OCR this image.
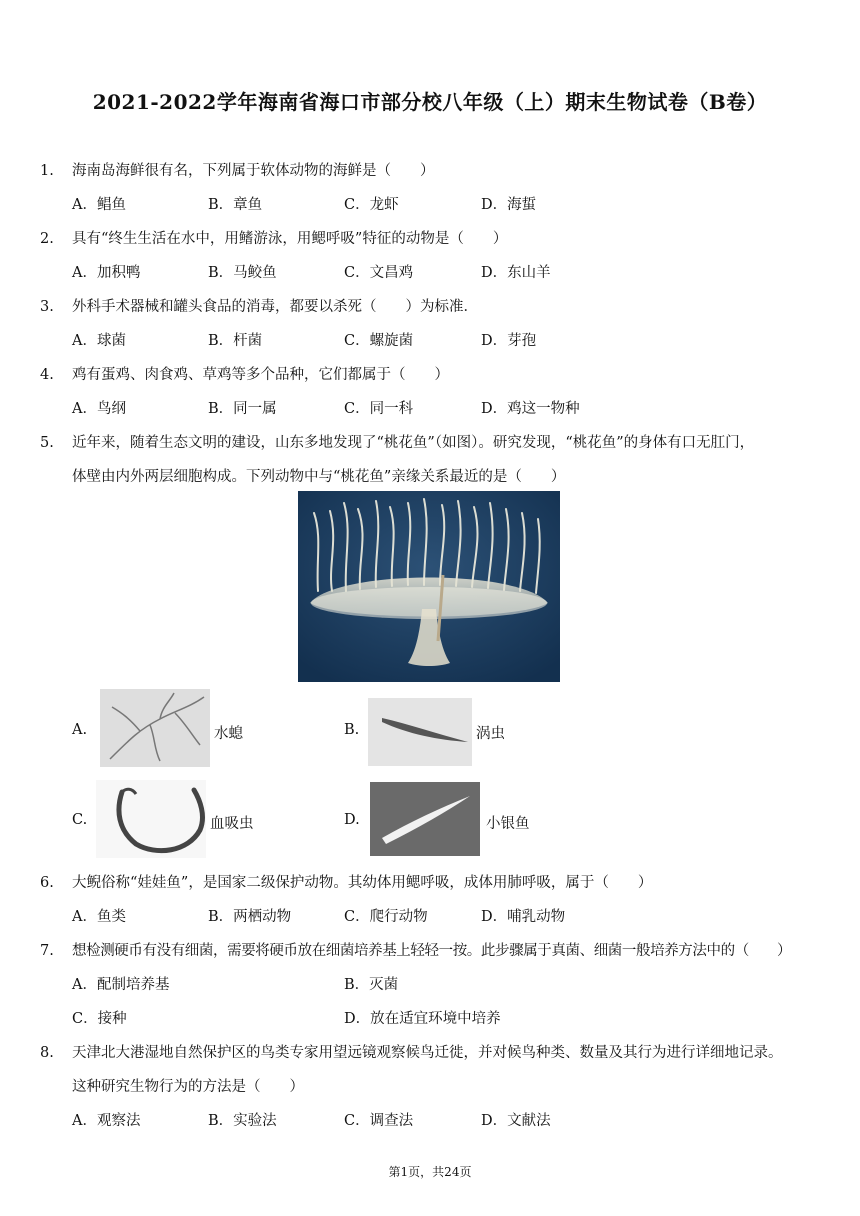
2021-2022学年海南省海口市部分校八年级（上）期末生物试卷（B卷）
1.	海南岛海鲜很有名，下列属于软体动物的海鲜是（　　）
A．鲳鱼	B．章鱼	C．龙虾	D．海蜇
2.	具有“终生生活在水中，用鳍游泳，用鳃呼吸”特征的动物是（　　）
A．加积鸭	B．马鲛鱼	C．文昌鸡	D．东山羊
3.	外科手术器械和罐头食品的消毒，都要以杀死（　　）为标准．
A．球菌	B．杆菌	C．螺旋菌	D．芽孢
4.	鸡有蛋鸡、肉食鸡、草鸡等多个品种，它们都属于（　　）
A．鸟纲	B．同一属	C．同一科	D．鸡这一物种
5.	近年来，随着生态文明的建设，山东多地发现了“桃花鱼”（如图）。研究发现，“桃花鱼”的身体有口无肛门，
体壁由内外两层细胞构成。下列动物中与“桃花鱼”亲缘关系最近的是（　　）
A.	水螅	B.	涡虫
C.	血吸虫	D.	小银鱼
6.	大鲵俗称“娃娃鱼”，是国家二级保护动物。其幼体用鳃呼吸，成体用肺呼吸，属于（　　）
A．鱼类	B．两栖动物	C．爬行动物	D．哺乳动物
7.	想检测硬币有没有细菌，需要将硬币放在细菌培养基上轻轻一按。此步骤属于真菌、细菌一般培养方法中的（　　）
A．配制培养基	B．灭菌
C．接种	D．放在适宜环境中培养
8.	天津北大港湿地自然保护区的鸟类专家用望远镜观察候鸟迁徙，并对候鸟种类、数量及其行为进行详细地记录。
这种研究生物行为的方法是（　　）
A．观察法	B．实验法	C．调查法	D．文献法
第1页，共24页
